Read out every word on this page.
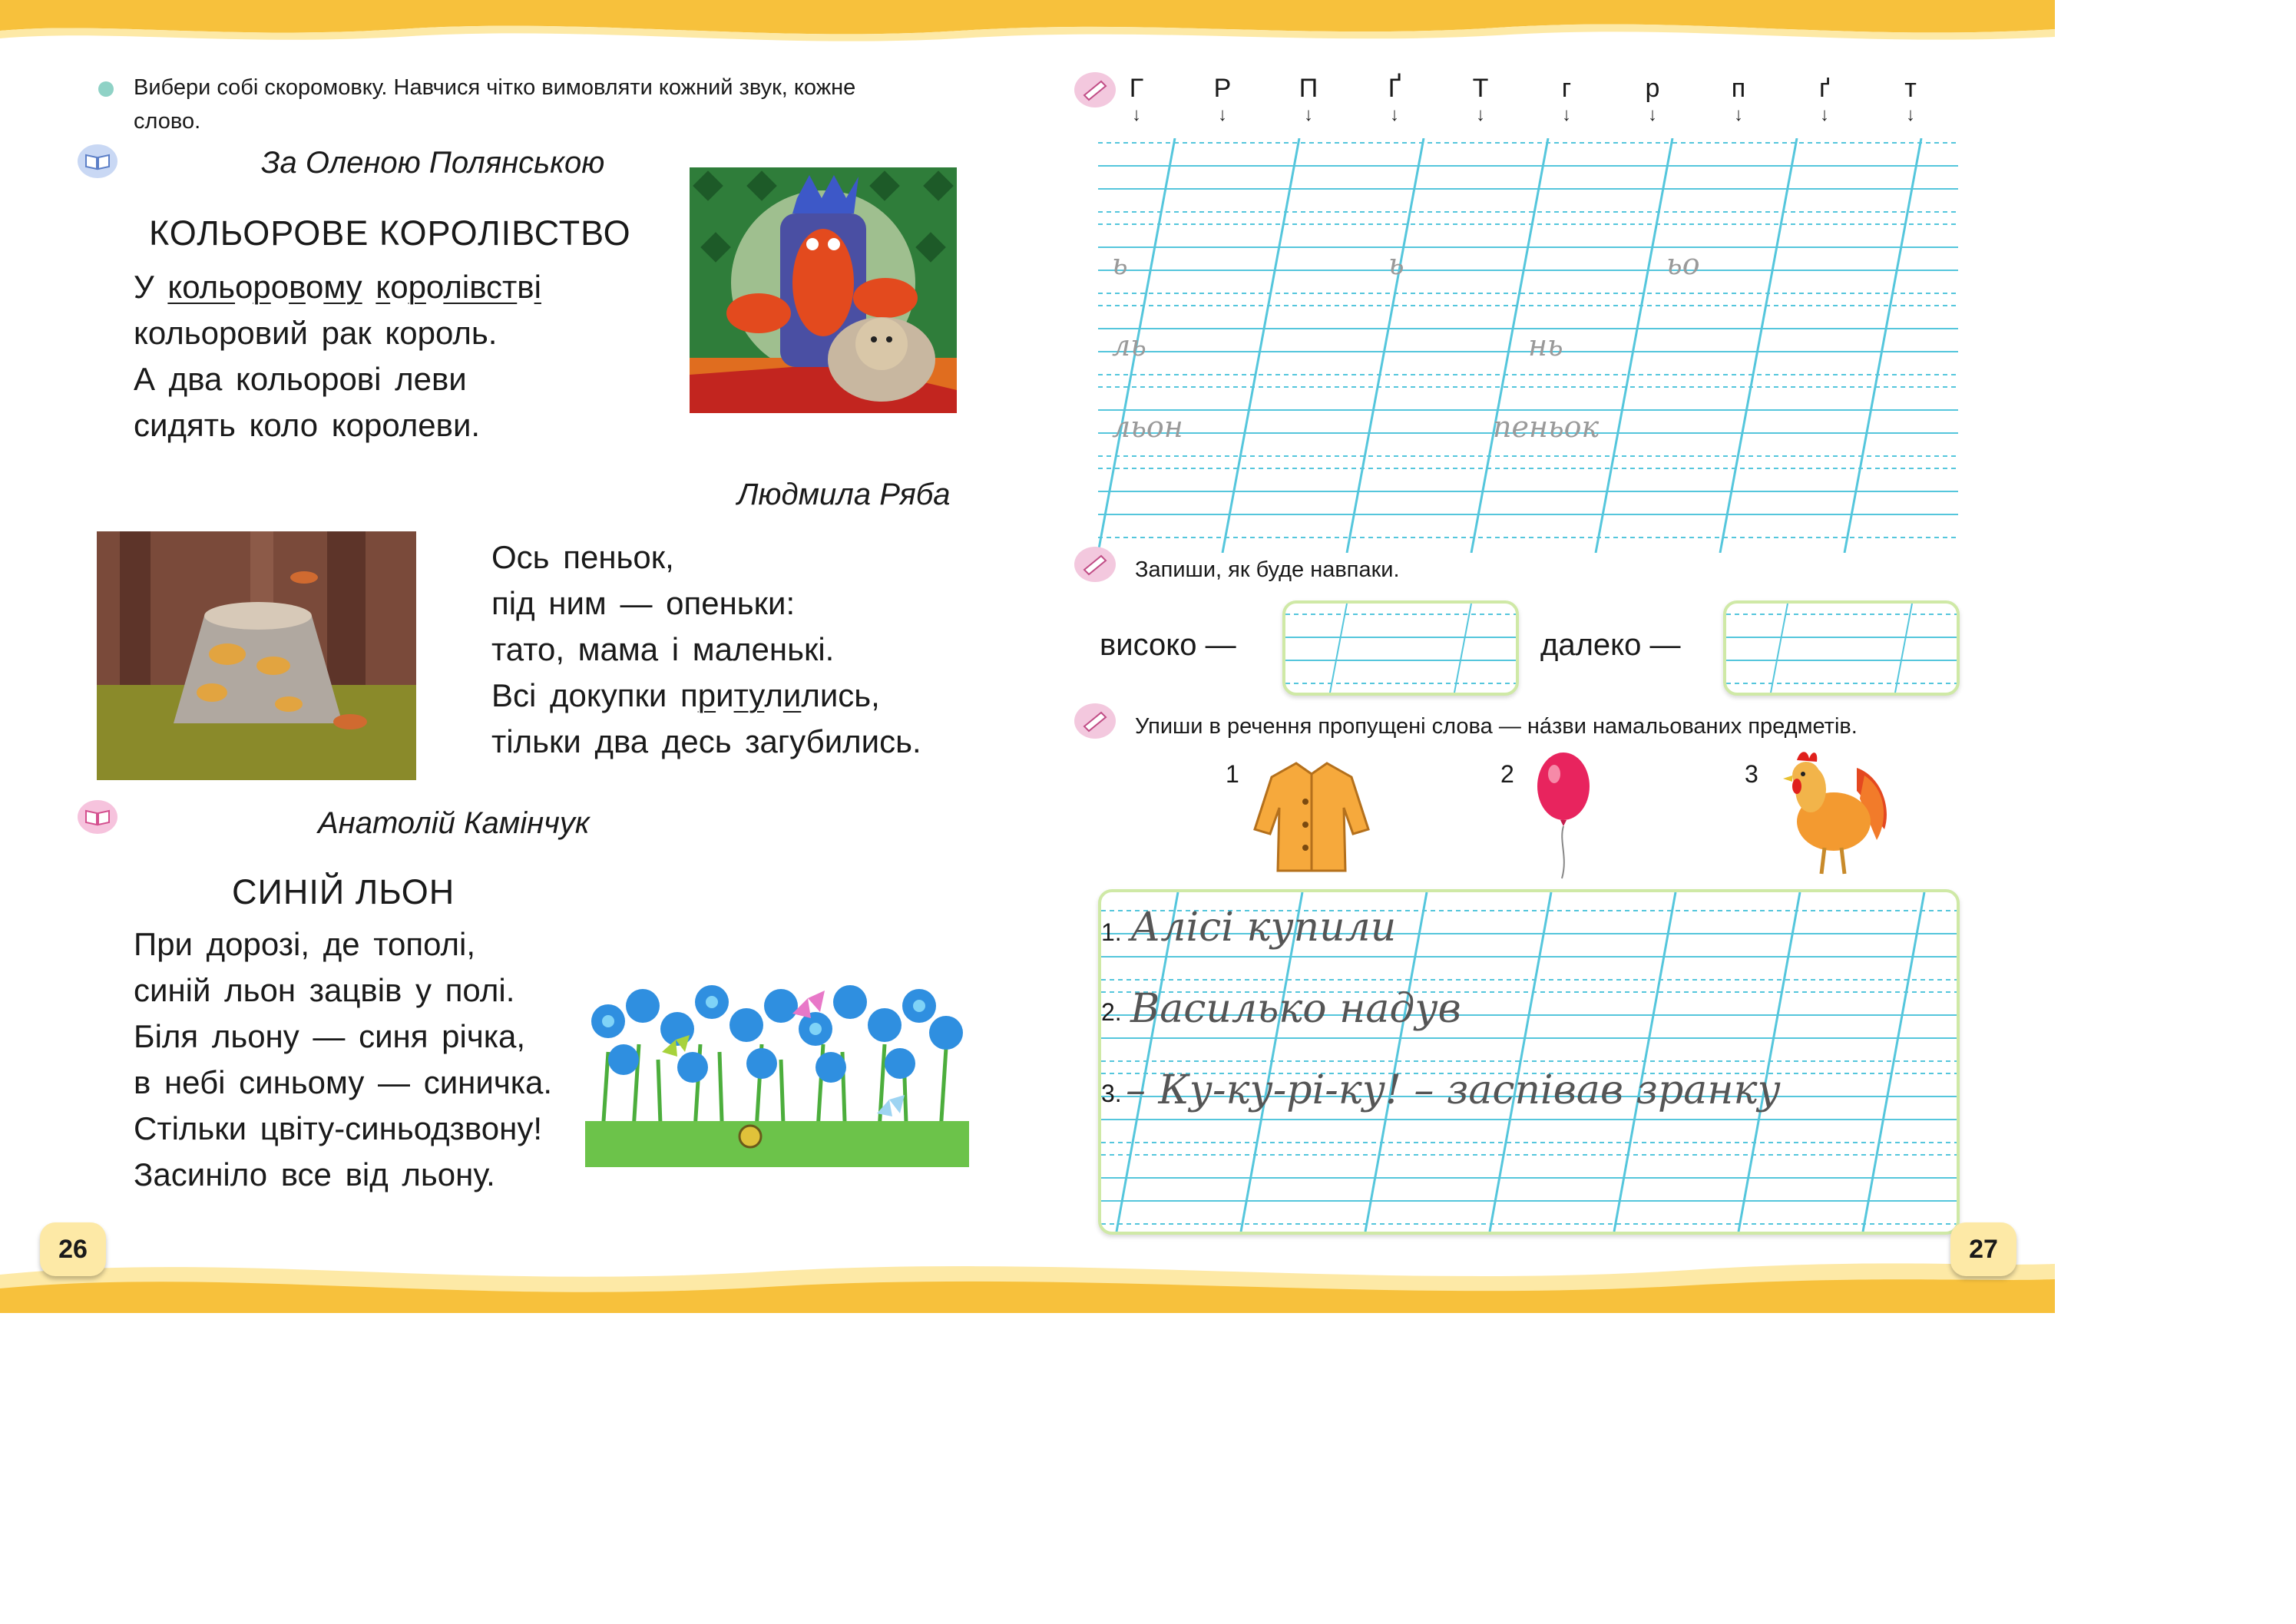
Вибери собі скоромовку. Навчися чітко вимовляти кожний звук, кожне
слово.
За Оленою Полянською
КОЛЬОРОВЕ КОРОЛІВСТВО
У кольоровому королівстві
кольоровий рак король.
А два кольорові леви
сидять коло королеви.
Людмила Ряба
Ось пеньок,
під ним — опеньки:
тато, мама і маленькі.
Всі докупки притулились,
тільки два десь загубились.
Анатолій Камінчук
СИНІЙ ЛЬОН
При дорозі, де тополі,
синій льон зацвів у полі.
Біля льону — синя річка,
в небі синьому — синичка.
Стільки цвіту-синьодзвону!
Засиніло все від льону.
26
Г	Р	П	Ґ	Т	г	р	п	ґ	т
↓	↓	↓	↓	↓	↓	↓	↓	↓	↓
ь	ь	ьо
ль	нь
льон	пеньок
Запиши, як буде навпаки.
високо —	далеко —
Упиши в речення пропущені слова — на́зви намальованих предметів.
1	2	3
1. Алісі купили
2. Василько надув
3. – Ку-ку-рі-ку! – заспівав зранку
27
